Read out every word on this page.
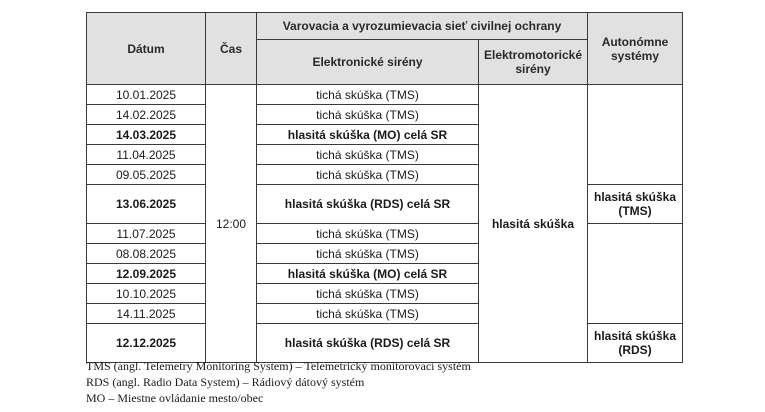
Dátum	Čas	Varovacia a vyrozumievacia sieť civilnej ochrany		Autonómne systémy
		Elektronické sirény	Elektromotorické sirény	
10.01.2025	12:00	tichá skúška (TMS)	hlasitá skúška	
14.02.2025		tichá skúška (TMS)		
14.03.2025		hlasitá skúška (MO) celá SR		
11.04.2025		tichá skúška (TMS)		
09.05.2025		tichá skúška (TMS)		
13.06.2025		hlasitá skúška (RDS) celá SR		hlasitá skúška (TMS)
11.07.2025		tichá skúška (TMS)		
08.08.2025		tichá skúška (TMS)		
12.09.2025		hlasitá skúška (MO) celá SR		
10.10.2025		tichá skúška (TMS)		
14.11.2025		tichá skúška (TMS)		
12.12.2025		hlasitá skúška (RDS) celá SR		hlasitá skúška (RDS)
TMS (angl. Telemetry Monitoring System) – Telemetrický monitorovací systém
RDS (angl. Radio Data System) – Rádiový dátový systém
MO – Miestne ovládanie mesto/obec
